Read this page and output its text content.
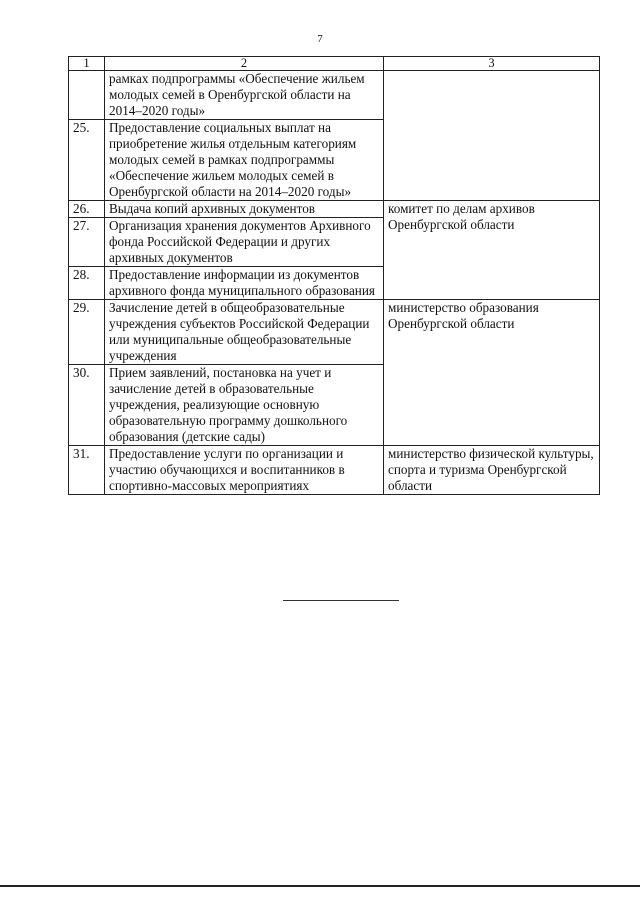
7
1	2	3
	рамках подпрограммы «Обеспечение жильем молодых семей в Оренбургской области на 2014–2020 годы»	
25.	Предоставление социальных выплат на приобретение жилья отдельным категориям молодых семей в рамках подпрограммы «Обеспечение жильем молодых семей в Оренбургской области на 2014–2020 годы»	
26.	Выдача копий архивных документов	комитет по делам архивов Оренбургской области
27.	Организация хранения документов Архивного фонда Российской Федерации и других архивных документов	
28.	Предоставление информации из документов архивного фонда муниципального образования	
29.	Зачисление детей в общеобразовательные учреждения субъектов Российской Федерации или муниципальные общеобразовательные учреждения	министерство образования Оренбургской области
30.	Прием заявлений, постановка на учет и зачисление детей в образовательные учреждения, реализующие основную образовательную программу дошкольного образования (детские сады)	
31.	Предоставление услуги по организации и участию обучающихся и воспитанников в спортивно-массовых мероприятиях	министерство физической культуры, спорта и туризма Оренбургской области
